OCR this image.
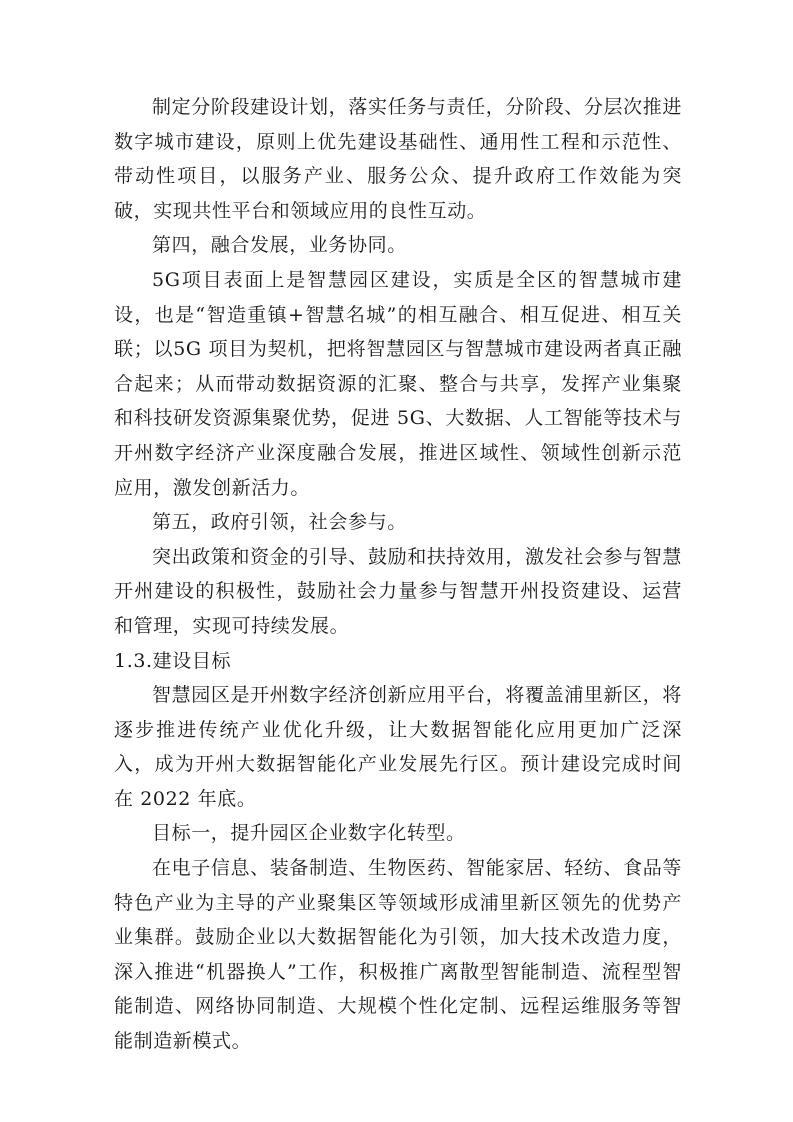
制定分阶段建设计划，落实任务与责任，分阶段、分层次推进数字城市建设，原则上优先建设基础性、通用性工程和示范性、带动性项目，以服务产业、服务公众、提升政府工作效能为突破，实现共性平台和领域应用的良性互动。

第四，融合发展，业务协同。

5G项目表面上是智慧园区建设，实质是全区的智慧城市建设，也是“智造重镇+智慧名城”的相互融合、相互促进、相互关联；以5G 项目为契机，把将智慧园区与智慧城市建设两者真正融合起来；从而带动数据资源的汇聚、整合与共享，发挥产业集聚和科技研发资源集聚优势，促进 5G、大数据、人工智能等技术与开州数字经济产业深度融合发展，推进区域性、领域性创新示范应用，激发创新活力。

第五，政府引领，社会参与。

突出政策和资金的引导、鼓励和扶持效用，激发社会参与智慧开州建设的积极性，鼓励社会力量参与智慧开州投资建设、运营和管理，实现可持续发展。

1.3.建设目标

智慧园区是开州数字经济创新应用平台，将覆盖浦里新区，将逐步推进传统产业优化升级，让大数据智能化应用更加广泛深入，成为开州大数据智能化产业发展先行区。预计建设完成时间在 2022 年底。

目标一，提升园区企业数字化转型。

在电子信息、装备制造、生物医药、智能家居、轻纺、食品等特色产业为主导的产业聚集区等领域形成浦里新区领先的优势产业集群。鼓励企业以大数据智能化为引领，加大技术改造力度，深入推进“机器换人”工作，积极推广离散型智能制造、流程型智能制造、网络协同制造、大规模个性化定制、远程运维服务等智能制造新模式。
